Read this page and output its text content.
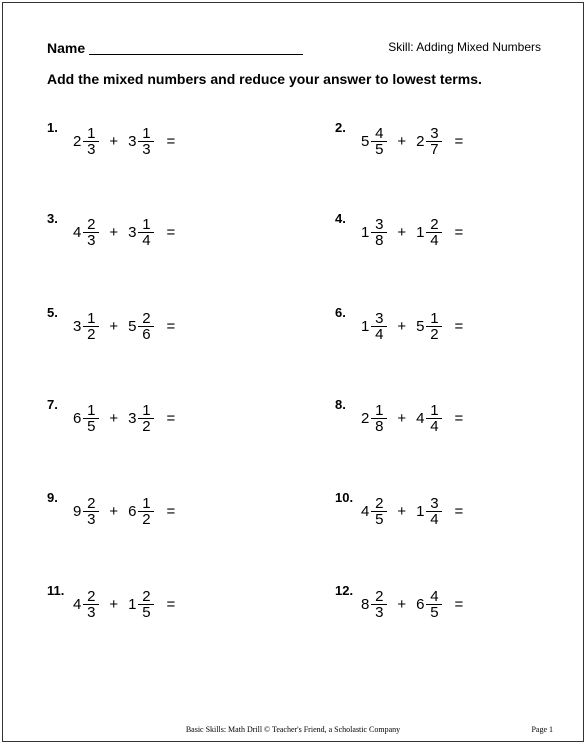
Name	Skill: Adding Mixed Numbers
Add the mixed numbers and reduce your answer to lowest terms.
1.
$2 \frac{1}{3} + 3 \frac{1}{3}$ =
2.
$5 \frac{4}{5} + 2 \frac{3}{7}$ =
3.
$4 \frac{2}{3} + 3 \frac{1}{4}$ =
4.
$1 \frac{3}{8} + 1 \frac{2}{4}$ =
5.
$3 \frac{1}{2} + 5 \frac{2}{6}$ =
6.
$1 \frac{3}{4} + 5 \frac{1}{2}$ =
7.
$6 \frac{1}{5} + 3 \frac{1}{2}$ =
8.
$2 \frac{1}{8} + 4 \frac{1}{4}$ =
9.
$9 \frac{2}{3} + 6 \frac{1}{2}$ =
10.
$4 \frac{2}{5} + 1 \frac{3}{4}$ =
11.
$4 \frac{2}{3} + 1 \frac{2}{5}$ =
12.
$8 \frac{2}{3} + 6 \frac{4}{5}$ =
Basic Skills: Math Drill © Teacher's Friend, a Scholastic Company	Page 1
